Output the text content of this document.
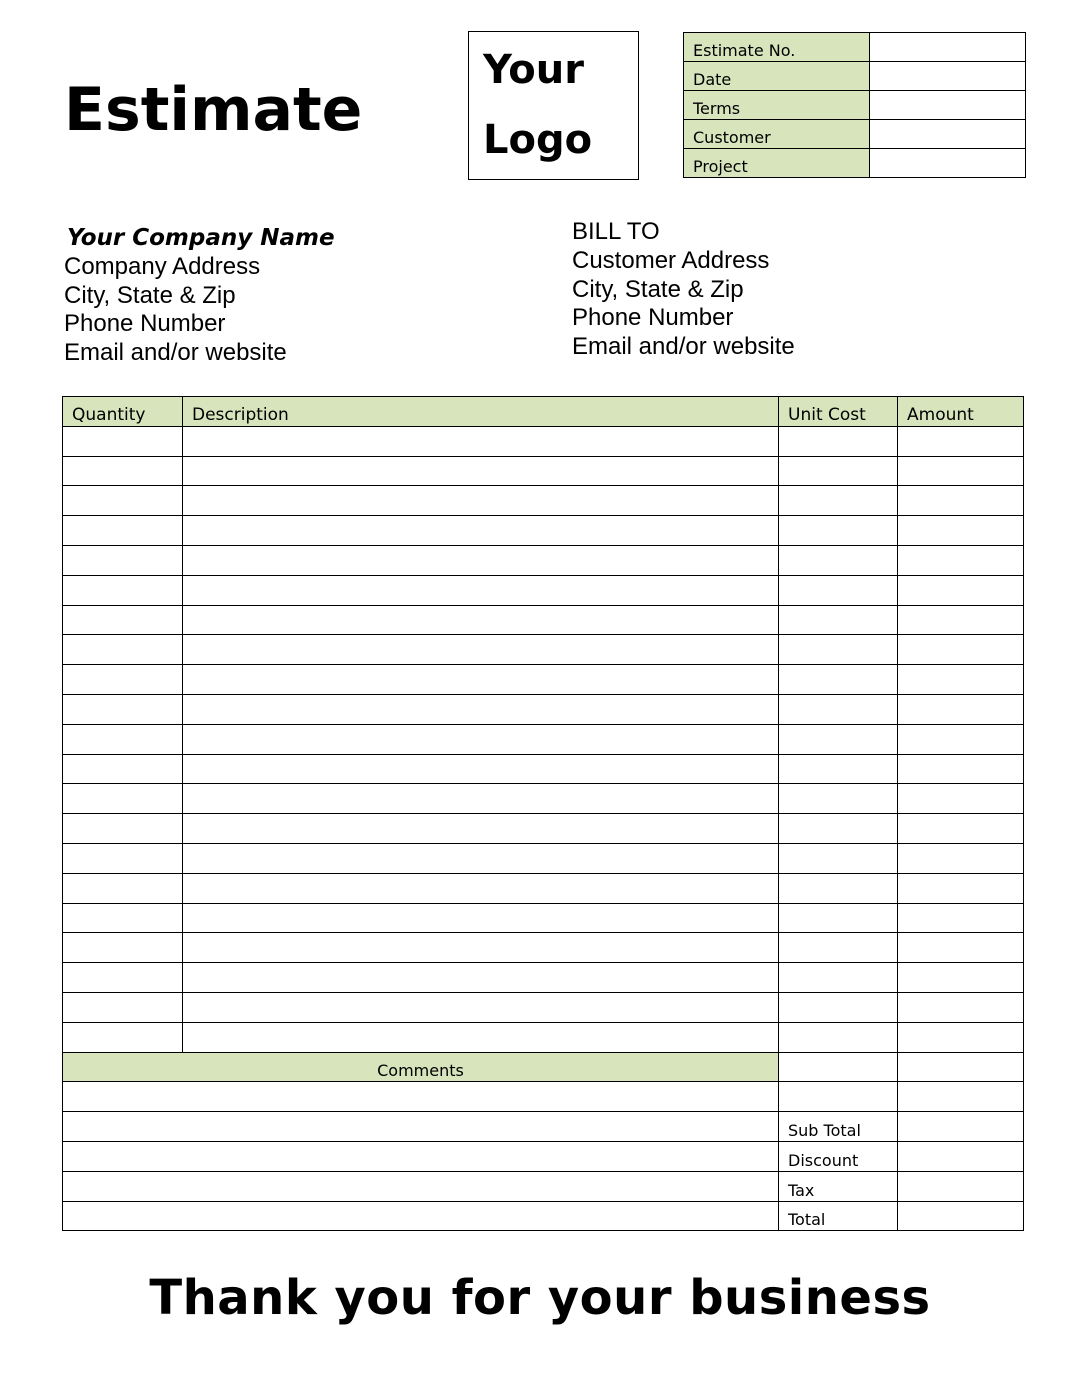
Estimate
Your
Logo
Estimate No.	
Date	
Terms	
Customer	
Project	
Your Company Name
Company Address
City, State & Zip
Phone Number
Email and/or website
BILL TO
Customer Address
City, State & Zip
Phone Number
Email and/or website
Quantity	Description	Unit Cost	Amount

Comments			

		Sub Total	
		Discount	
		Tax	
		Total	
Thank you for your business
